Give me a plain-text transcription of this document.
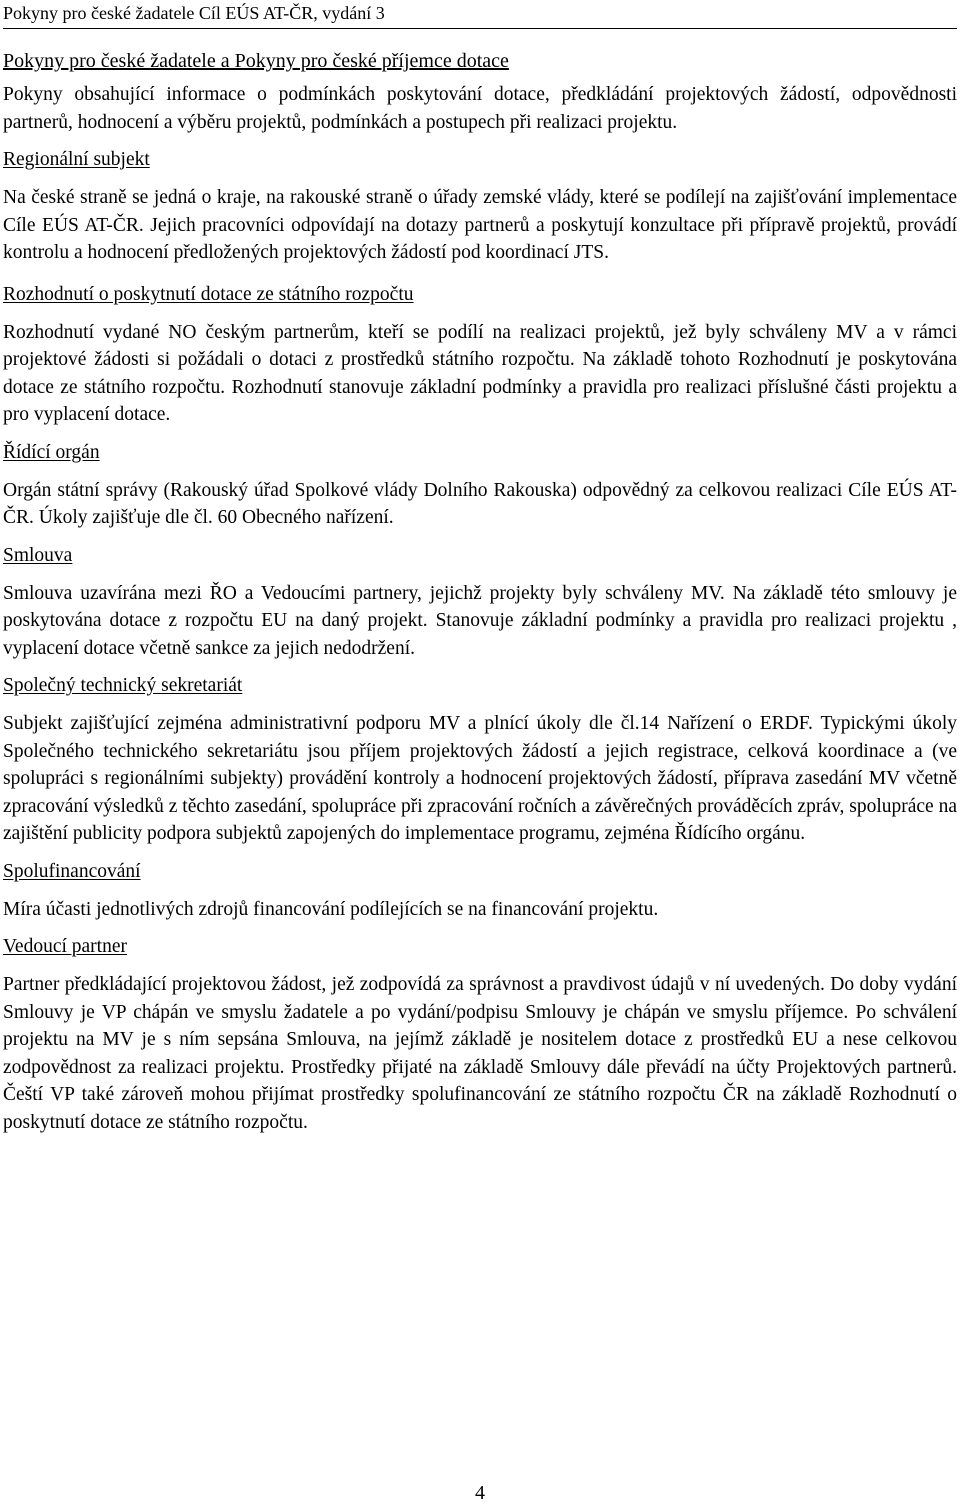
Pokyny pro české žadatele Cíl EÚS AT-ČR, vydání 3
Pokyny pro české žadatele a Pokyny pro české příjemce dotace

Pokyny obsahující informace o podmínkách poskytování dotace, předkládání projektových žádostí, odpovědnosti partnerů, hodnocení a výběru projektů, podmínkách a postupech při realizaci projektu.

Regionální subjekt

Na české straně se jedná o kraje, na rakouské straně o úřady zemské vlády, které se podílejí na zajišťování implementace Cíle EÚS AT-ČR. Jejich pracovníci odpovídají na dotazy partnerů a poskytují konzultace při přípravě projektů, provádí kontrolu a hodnocení předložených projektových žádostí pod koordinací JTS.

Rozhodnutí o poskytnutí dotace ze státního rozpočtu

Rozhodnutí vydané NO českým partnerům, kteří se podílí na realizaci projektů, jež byly schváleny MV a v rámci projektové žádosti si požádali o dotaci z prostředků státního rozpočtu. Na základě tohoto Rozhodnutí je poskytována dotace ze státního rozpočtu. Rozhodnutí stanovuje základní podmínky a pravidla pro realizaci příslušné části projektu a pro vyplacení dotace.

Řídící orgán

Orgán státní správy (Rakouský úřad Spolkové vlády Dolního Rakouska) odpovědný za celkovou realizaci Cíle EÚS AT-ČR. Úkoly zajišťuje dle čl. 60 Obecného nařízení.

Smlouva

Smlouva uzavírána mezi ŘO a Vedoucími partnery, jejichž projekty byly schváleny MV. Na základě této smlouvy je poskytována dotace z rozpočtu EU na daný projekt. Stanovuje základní podmínky a pravidla pro realizaci projektu , vyplacení dotace včetně sankce za jejich nedodržení.

Společný technický sekretariát

Subjekt zajišťující zejména administrativní podporu MV a plnící úkoly dle čl.14 Nařízení o ERDF. Typickými úkoly Společného technického sekretariátu jsou příjem projektových žádostí a jejich registrace, celková koordinace a (ve spolupráci s regionálními subjekty) provádění kontroly a hodnocení projektových žádostí, příprava zasedání MV včetně zpracování výsledků z těchto zasedání, spolupráce při zpracování ročních a závěrečných prováděcích zpráv, spolupráce na zajištění publicity podpora subjektů zapojených do implementace programu, zejména Řídícího orgánu.

Spolufinancování

Míra účasti jednotlivých zdrojů financování podílejících se na financování projektu.

Vedoucí partner

Partner předkládající projektovou žádost, jež zodpovídá za správnost a pravdivost údajů v ní uvedených. Do doby vydání Smlouvy je VP chápán ve smyslu žadatele a po vydání/podpisu Smlouvy je chápán ve smyslu příjemce. Po schválení projektu na MV je s ním sepsána Smlouva, na jejímž základě je nositelem dotace z prostředků EU a nese celkovou zodpovědnost za realizaci projektu. Prostředky přijaté na základě Smlouvy dále převádí na účty Projektových partnerů. Čeští VP také zároveň mohou přijímat prostředky spolufinancování ze státního rozpočtu ČR na základě Rozhodnutí o poskytnutí dotace ze státního rozpočtu.

4
